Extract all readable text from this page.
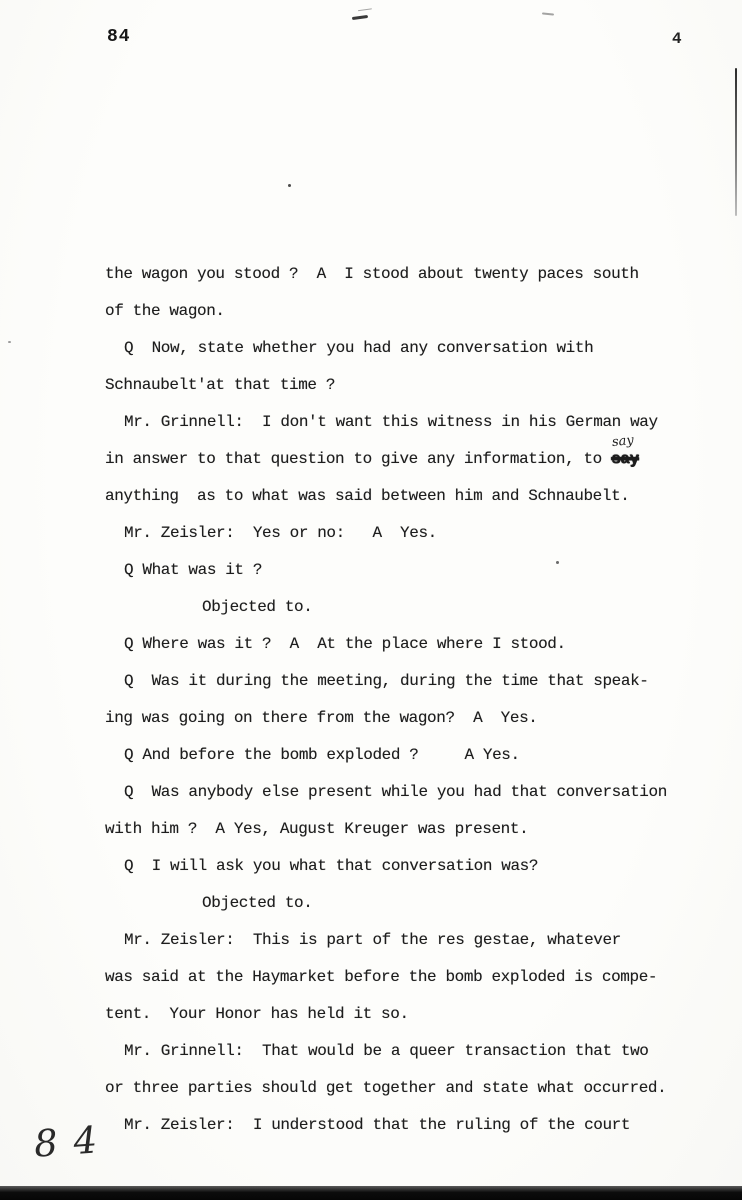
84	4
the wagon you stood ?  A  I stood about twenty paces south
of the wagon.
Q  Now, state whether you had any conversation with
Schnaubelt'at that time ?
Mr. Grinnell:  I don't want this witness in his German way
in answer to that question to give any information, to say
say
anything  as to what was said between him and Schnaubelt.
Mr. Zeisler:  Yes or no:   A  Yes.
Q What was it ?
Objected to.
Q Where was it ?  A  At the place where I stood.
Q  Was it during the meeting, during the time that speak-
ing was going on there from the wagon?  A  Yes.
Q And before the bomb exploded ?     A Yes.
Q  Was anybody else present while you had that conversation
with him ?  A Yes, August Kreuger was present.
Q  I will ask you what that conversation was?
Objected to.
Mr. Zeisler:  This is part of the res gestae, whatever
was said at the Haymarket before the bomb exploded is compe-
tent.  Your Honor has held it so.
Mr. Grinnell:  That would be a queer transaction that two
or three parties should get together and state what occurred.
Mr. Zeisler:  I understood that the ruling of the court
84
